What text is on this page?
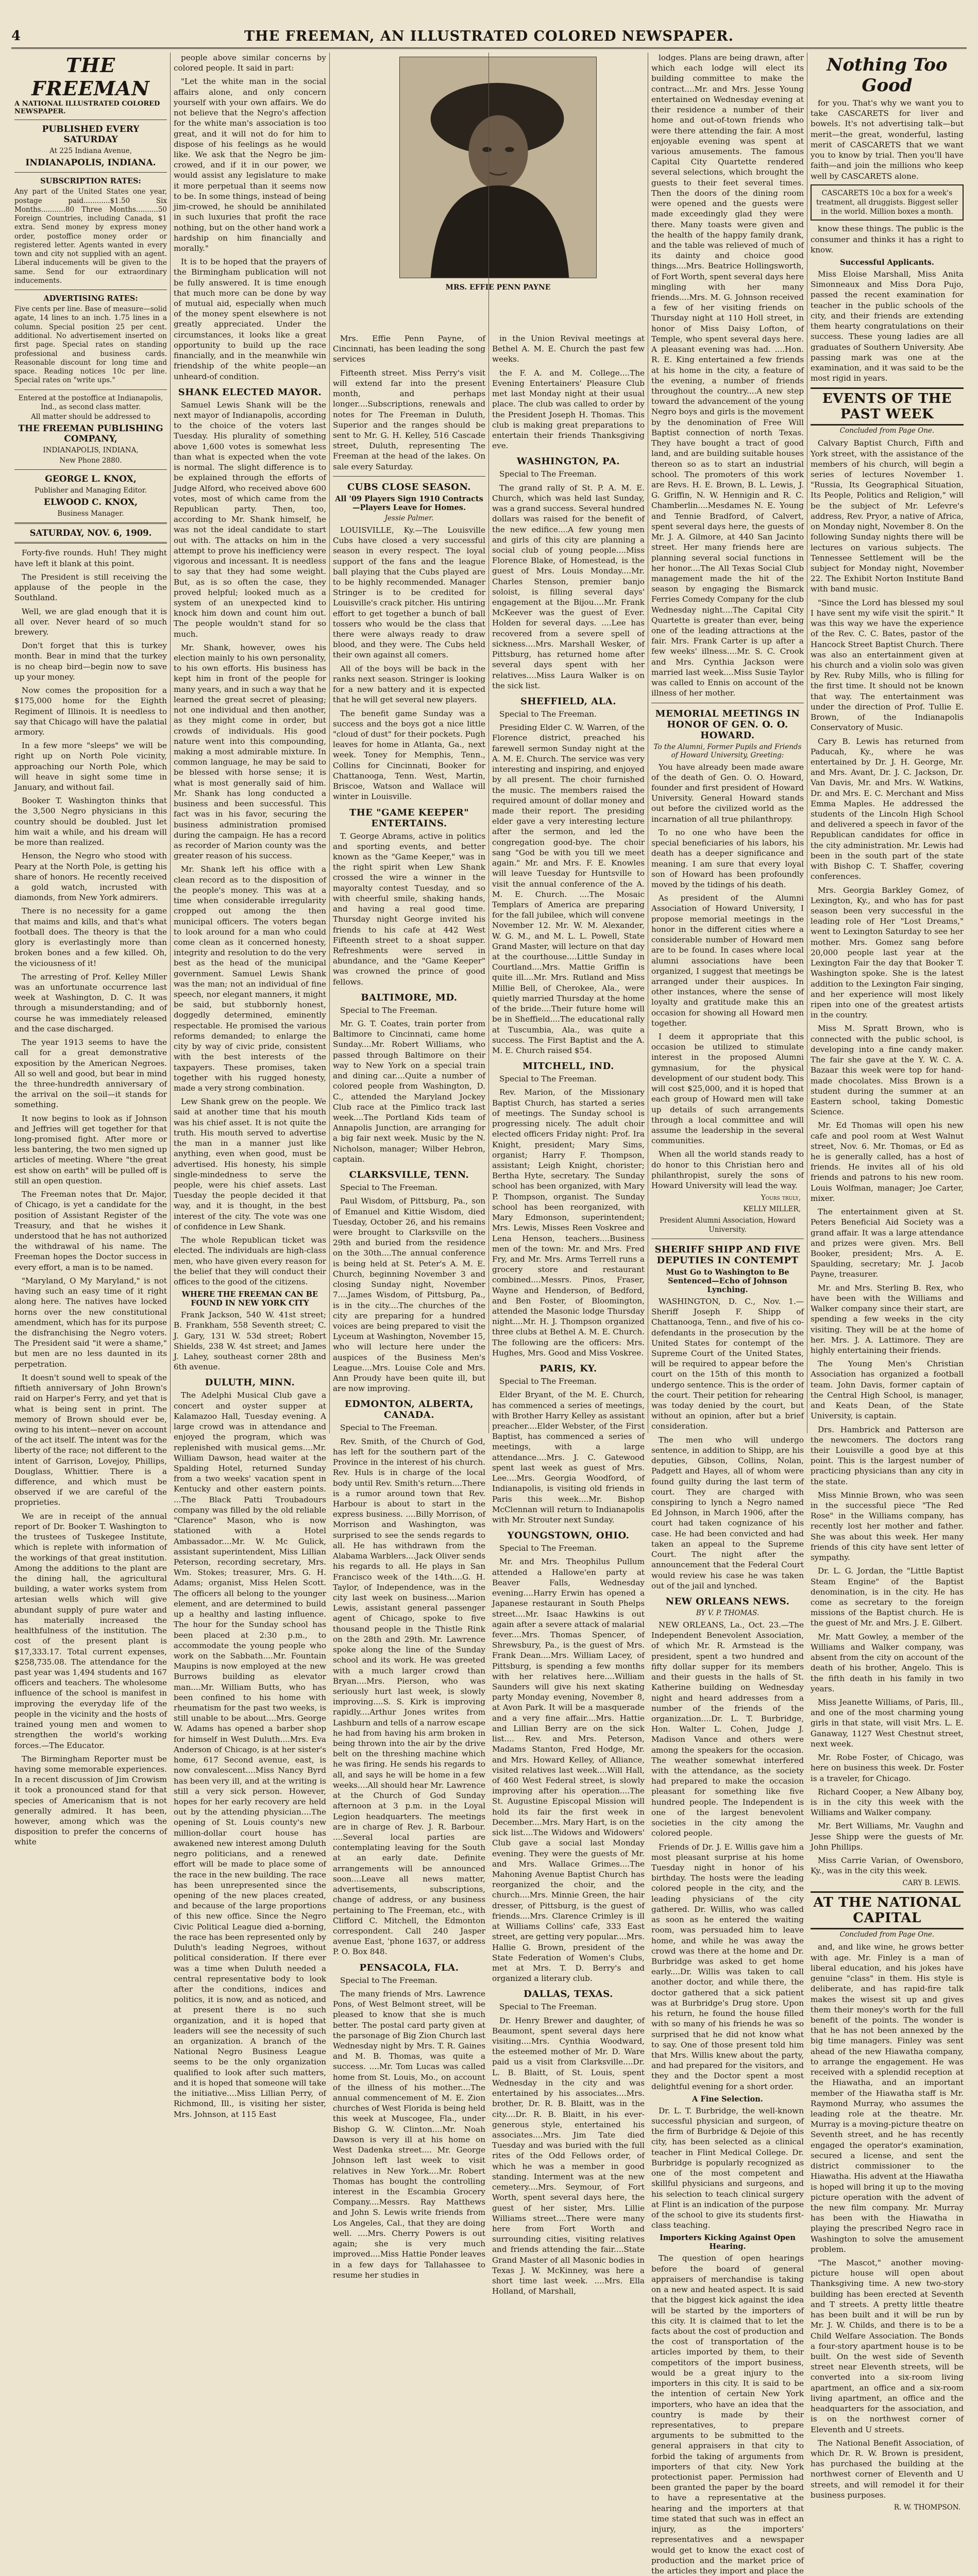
4	THE FREEMAN, AN ILLUSTRATED COLORED NEWSPAPER.
MRS. EFFIE PENN PAYNE
THE FREEMAN
A NATIONAL ILLUSTRATED COLORED NEWSPAPER.
PUBLISHED EVERY SATURDAY
At 225 Indiana Avenue,
INDIANAPOLIS, INDIANA.
SUBSCRIPTION RATES:

Any part of the United States one year, postage paid............$1.50 Six Months...........80 Three Months..........50 Foreign Countries, including Canada, $1 extra. Send money by express money order, postoffice money order or registered letter. Agents wanted in every town and city not supplied with an agent. Liberal inducements will be given to the same. Send for our extraordinary inducements.

ADVERTISING RATES:

Five cents per line. Base of measure—solid agate, 14 lines to an inch. 1.75 lines in a column. Special position 25 per cent. additional. No advertisement inserted on first page. Special rates on standing professional and business cards. Reasonable discount for long time and space. Reading notices 10c per line. Special rates on "write ups."

Entered at the postoffice at Indianapolis, Ind., as second class matter.

All matter should be addressed to

THE FREEMAN PUBLISHING COMPANY,
INDIANAPOLIS, INDIANA,
New Phone 2880.
GEORGE L. KNOX,
Publisher and Managing Editor.
ELWOOD C. KNOX,
Business Manager.
SATURDAY, NOV. 6, 1909.

Forty-five rounds. Huh! They might have left it blank at this point.

The President is still receiving the applause of the people in the Southland.

Well, we are glad enough that it is all over. Never heard of so much brewery.

Don't forget that this is turkey month. Bear in mind that the turkey is no cheap bird—begin now to save up your money.

Now comes the proposition for a $175,000 home for the Eighth Regiment of Illinois. It is needless to say that Chicago will have the palatial armory.

In a few more "sleeps" we will be right up on North Pole vicinity, approaching our North Pole, which will heave in sight some time in January, and without fail.

Booker T. Washington thinks that the 3,500 Negro physicians in this country should be doubled. Just let him wait a while, and his dream will be more than realized.

Henson, the Negro who stood with Peary at the North Pole, is getting his share of honors. He recently received a gold watch, incrusted with diamonds, from New York admirers.

There is no necessity for a game that maims and kills, and that's what football does. The theory is that the glory is everlastingly more than broken bones and a few killed. Oh, the viciousness of it!

The arresting of Prof. Kelley Miller was an unfortunate occurrence last week at Washington, D. C. It was through a misunderstanding; and of course he was immediately released and the case discharged.

The year 1913 seems to have the call for a great demonstrative exposition by the American Negroes. All so well and good, but bear in mind the three-hundredth anniversary of the arrival on the soil—it stands for something.

It now begins to look as if Johnson and Jeffries will get together for that long-promised fight. After more or less bantering, the two men signed up articles of meeting. Where "the great est show on earth" will be pulled off is still an open question.

The Freeman notes that Dr. Major, of Chicago, is yet a candidate for the position of Assistant Register of the Treasury, and that he wishes it understood that he has not authorized the withdrawal of his name. The Freeman hopes the Doctor success in every effort, a man is to be named.

"Maryland, O My Maryland," is not having such an easy time of it right along here. The natives have locked horns over the new constitutional amendment, which has for its purpose the disfranchising the Negro voters. The President said "it were a shame," but men are no less daunted in its perpetration.

It doesn't sound well to speak of the fiftieth anniversary of John Brown's raid on Harper's Ferry, and yet that is what is being sent in print. The memory of Brown should ever be, owing to his intent—never on account of the act itself. The intent was for the liberty of the race; not different to the intent of Garrison, Lovejoy, Phillips, Douglass, Whittier. There is a difference, and which must be observed if we are careful of the proprieties.

We are in receipt of the annual report of Dr. Booker T. Washington to the trustees of Tuskegee Institute, which is replete with information of the workings of that great institution. Among the additions to the plant are the dining hall, the agricultural building, a water works system from artesian wells which will give abundant supply of pure water and has materially increased the healthfulness of the institution. The cost of the present plant is $17,333.17. Total current expenses, $258,735.08. The attendance for the past year was 1,494 students and 167 officers and teachers. The wholesome influence of the school is manifest in improving the everyday life of the people in the vicinity and the hosts of trained young men and women to strengthen the world's working forces.—The Educator.

The Birmingham Reporter must be having some memorable experiences. In a recent discussion of Jim Crowism it took a pronounced stand for that species of Americanism that is not generally admired. It has been, however, among which was the disposition to prefer the concerns of white

people above similar concerns by colored people. It said in part:

"Let the white man in the social affairs alone, and only concern yourself with your own affairs. We do not believe that the Negro's affection for the white man's association is too great, and it will not do for him to dispose of his feelings as he would like. We ask that the Negro be jim-crowed, and if it in our power, we would assist any legislature to make it more perpetual than it seems now to be. In some things, instead of being jim-crowed, he should be annihilated in such luxuries that profit the race nothing, but on the other hand work a hardship on him financially and morally."

It is to be hoped that the prayers of the Birmingham publication will not be fully answered. It is time enough that much more can be done by way of mutual aid, especially when much of the money spent elsewhere is not greatly appreciated. Under the circumstances, it looks like a great opportunity to build up the race financially, and in the meanwhile win friendship of the white people—an unheard-of condition.

SHANK ELECTED MAYOR.

Samuel Lewis Shank will be the next mayor of Indianapolis, according to the choice of the voters last Tuesday. His plurality of something above 1,600 votes is somewhat less than what is expected when the vote is normal. The slight difference is to be explained through the efforts of Judge Alford, who received above 600 votes, most of which came from the Republican party. Then, too, according to Mr. Shank himself, he was not the ideal candidate to start out with. The attacks on him in the attempt to prove his inefficiency were vigorous and incessant. It is needless to say that they had some weight. But, as is so often the case, they proved helpful; looked much as a system of an unexpected kind to knock him down and count him out. The people wouldn't stand for so much.

Mr. Shank, however, owes his election mainly to his own personality, to his own efforts. His business has kept him in front of the people for many years, and in such a way that he learned the great secret of pleasing; not one individual and then another, as they might come in order, but crowds of individuals. His good nature went into this compounding, making a most admirable mixture. In common language, he may be said to be blessed with horse sense; it is what is most generally said of him. Mr. Shank has long conducted a business and been successful. This fact was in his favor, securing the business administration promised during the campaign. He has a record as recorder of Marion county was the greater reason of his success.

Mr. Shank left his office with a clean record as to the disposition of the people's money. This was at a time when considerable irregularity cropped out among the then municipal officers. The voters began to look around for a man who could come clean as it concerned honesty, integrity and resolution to do the very best as the head of the municipal government. Samuel Lewis Shank was the man; not an individual of fine speech, nor elegant manners, it might be said, but stubbornly honest, doggedly determined, eminently respectable. He promised the various reforms demanded; to enlarge the city by way of civic pride, consistent with the best interests of the taxpayers. These promises, taken together with his rugged honesty, made a very strong combination.

Lew Shank grew on the people. We said at another time that his mouth was his chief asset. It is not quite the truth. His mouth served to advertise the man in a manner just like anything, even when good, must be advertised. His honesty, his simple single-mindedness to serve the people, were his chief assets. Last Tuesday the people decided it that way, and it is thought, in the best interest of the city. The vote was one of confidence in Lew Shank.

The whole Republican ticket was elected. The individuals are high-class men, who have given every reason for the belief that they will conduct their offices to the good of the citizens.

WHERE THE FREEMAN CAN BE FOUND IN NEW YORK CITY

Frank Jackson, 540 W. 41st street; B. Frankham, 558 Seventh street; C. J. Gary, 131 W. 53d street; Robert Shields, 238 W. 4st street; and James J. Lahey, southeast corner 28th and 6th avenue.

DULUTH, MINN.

The Adelphi Musical Club gave a concert and oyster supper at Kalamazoo Hall, Tuesday evening. A large crowd was in attendance and enjoyed the program, which was replenished with musical gems....Mr. William Dawson, head waiter at the Spalding Hotel, returned Sunday from a two weeks' vacation spent in Kentucky and other eastern points. ...The Black Patti Troubadours company was filled by the old reliable "Clarence" Mason, who is now stationed with a Hotel Ambassador....Mr. W. Mc Gulick, assistant superintendent, Miss Lillian Peterson, recording secretary, Mrs. Wm. Stokes; treasurer, Mrs. G. H. Adams; organist, Miss Helen Scott. The officers all belong to the younger element, and are determined to build up a healthy and lasting influence. The hour for the Sunday school has been placed at 2:30 p.m., to accommodate the young people who work on the Sabbath....Mr. Fountain Maupins is now employed at the new Burrows building as elevator man....Mr. William Butts, who has been confined to his home with rheumatism for the past two weeks, is still unable to be about....Mrs. George W. Adams has opened a barber shop for himself in West Duluth....Mrs. Eva Anderson of Chicago, is at her sister's home, 617 Second avenue, east, is now convalescent....Miss Nancy Byrd has been very ill, and at the writing is still a very sick person. However, hopes for her early recovery are held out by the attending physician....The opening of St. Louis county's new million-dollar court house has awakened new interest among Duluth negro politicians, and a renewed effort will be made to place some of the race in the new building. The race has been unrepresented since the opening of the new places created, and because of the large proportions of this new office. Since the Negro Civic Political League died a-borning, the race has been represented only by Duluth's leading Negroes, without political consideration. If there ever was a time when Duluth needed a central representative body to look after the conditions, indices and politics, it is now, and as noticed, and at present there is no such organization, and it is hoped that leaders will see the necessity of such an organization. A branch of the National Negro Business League seems to be the only organization qualified to look after such matters, and it is hoped that someone will take the initiative....Miss Lillian Perry, of Richmond, Ill., is visiting her sister, Mrs. Johnson, at 115 East

Mrs. Effie Penn Payne, of Cincinnati, has been leading the song services

Fifteenth street. Miss Perry's visit will extend far into the present month, and perhaps longer....Subscriptions, renewals and notes for The Freeman in Duluth, Superior and the ranges should be sent to Mr. G. H. Kelley, 516 Cascade street, Duluth, representing The Freeman at the head of the lakes. On sale every Saturday.

CUBS CLOSE SEASON.
All '09 Players Sign 1910 Contracts—Players Leave for Homes.
Jessie Palmer.

LOUISVILLE, Ky.—The Louisville Cubs have closed a very successful season in every respect. The loyal support of the fans and the league ball playing that the Cubs played are to be highly recommended. Manager Stringer is to be credited for Louisville's crack pitcher. His untiring effort to get together a bunch of ball tossers who would be the class that there were always ready to draw blood, and they were. The Cubs held their own against all comers.

All of the boys will be back in the ranks next season. Stringer is looking for a new battery and it is expected that he will get several new players.

The benefit game Sunday was a success and the boys got a nice little "cloud of dust" for their pockets. Pugh leaves for home in Atlanta, Ga., next week. Toney for Memphis, Tenn., Collins for Cincinnati, Booker for Chattanooga, Tenn. West, Martin, Briscoe, Watson and Wallace will winter in Louisville.

THE "GAME KEEPER" ENTERTAINS.

T. George Abrams, active in politics and sporting events, and better known as the "Game Keeper," was in the right spirit when Lew Shank crossed the wire a winner in the mayoralty contest Tuesday, and so with cheerful smile, shaking hands, and having a real good time. Thursday night George invited his friends to his cafe at 442 West Fifteenth street to a shoat supper. Refreshments were served in abundance, and the "Game Keeper" was crowned the prince of good fellows.

BALTIMORE, MD.

Special to The Freeman.

Mr. G. T. Coates, train porter from Baltimore to Cincinnati, came home Sunday....Mr. Robert Williams, who passed through Baltimore on their way to New York on a special train and dining car....Quite a number of colored people from Washington, D. C., attended the Maryland Jockey Club race at the Pimlico track last week....The Portland Kids team of Annapolis Junction, are arranging for a big fair next week. Music by the N. Nicholson, manager; Wilber Hebron, captain.

CLARKSVILLE, TENN.

Special to The Freeman.

Paul Wisdom, of Pittsburg, Pa., son of Emanuel and Kittie Wisdom, died Tuesday, October 26, and his remains were brought to Clarksville on the 29th and buried from the residence on the 30th....The annual conference is being held at St. Peter's A. M. E. Church, beginning November 3 and closing Sunday night, November 7....James Wisdom, of Pittsburg, Pa., is in the city....The churches of the city are preparing for a hundred voices are being prepared to visit the Lyceum at Washington, November 15, who will lecture here under the auspices of the Business Men's League....Mrs. Louise Cole and Mrs. Ann Proudy have been quite ill, but are now improving.

EDMONTON, ALBERTA, CANADA.

Special to The Freeman.

Rev. Smith, of the Church of God, has left for the southern part of the Province in the interest of his church. Rev. Huls is in charge of the local body until Rev. Smith's return....There is a rumor around town that Rev. Harbour is about to start in the express business. ....Billy Morrison, of Morrison and Washington, was surprised to see the sends regards to all. He has withdrawn from the Alabama Warblers....Jack Oliver sends his regards to all. He plays in San Francisco week of the 14th....G. H. Taylor, of Independence, was in the city last week on business....Marion Lewis, assistant general passenger agent of Chicago, spoke to five thousand people in the Thistle Rink on the 28th and 29th. Mr. Lawrence spoke along the line of the Sunday school and its work. He was greeted with a much larger crowd than Bryan....Mrs. Pierson, who was seriously hurt last week, is slowly improving....S. S. Kirk is improving rapidly....Arthur Jones writes from Lashburn and tells of a narrow escape he had from having his arm broken in being thrown into the air by the drive belt on the threshing machine which he was firing. He sends his regards to all, and says he will be home in a few weeks....All should hear Mr. Lawrence at the Church of God Sunday afternoon at 3 p.m. in the Loyal Legion headquarters. The meetings are in charge of Rev. J. R. Barbour. ....Several local parties are contemplating leaving for the South at an early date. Definite arrangements will be announced soon....Leave all news matter, advertisements, subscriptions, change of address, or any business pertaining to The Freeman, etc., with Clifford C. Mitchell, the Edmonton correspondent. Call 240 Jasper avenue East, 'phone 1637, or address P. O. Box 848.

PENSACOLA, FLA.

Special to The Freeman.

The many friends of Mrs. Lawrence Pons, of West Belmont street, will be pleased to know that she is much better. The postal card party given at the parsonage of Big Zion Church last Wednesday night by Mrs. T. R. Gaines and M. B. Thomas, was quite a success. ....Mr. Tom Lucas was called home from St. Louis, Mo., on account of the illness of his mother....The annual commencement of M. E. Zion churches of West Florida is being held this week at Muscogee, Fla., under Bishop G. W. Clinton....Mr. Noah Dawson is very ill at his home on West Dadenka street.... Mr. George Johnson left last week to visit relatives in New York....Mr. Robert Thomas has bought the controlling interest in the Escambia Grocery Company....Messrs. Ray Matthews and John S. Lewis write friends from Los Angeles, Cal., that they are doing well. ....Mrs. Cherry Powers is out again; she is very much improved....Miss Hattie Ponder leaves in a few days for Tallahassee to resume her studies in

in the Union Revival meetings at Bethel A. M. E. Church the past few weeks.

the F. A. and M. College....The Evening Entertainers' Pleasure Club met last Monday night at their usual place. The club was called to order by the President Joseph H. Thomas. This club is making great preparations to entertain their friends Thanksgiving eve.

WASHINGTON, PA.

Special to The Freeman.

The grand rally of St. P. A. M. E. Church, which was held last Sunday, was a grand success. Several hundred dollars was raised for the benefit of the new edifice....A few young men and girls of this city are planning a social club of young people....Miss Florence Blake, of Homestead, is the guest of Mrs. Louis Monday....Mr. Charles Stenson, premier banjo soloist, is filling several days' engagement at the Bijou....Mr. Frank McKeever was the guest of Ever. Holden for several days. ....Lee has recovered from a severe spell of sickness....Mrs. Marshall Wesker, of Pittsburg, has returned home after several days spent with her relatives....Miss Laura Walker is on the sick list.

SHEFFIELD, ALA.

Special to The Freeman.

Presiding Elder C. W. Warren, of the Florence district, preached his farewell sermon Sunday night at the A. M. E. Church. The service was very interesting and inspiring, and enjoyed by all present. The choir furnished the music. The members raised the required amount of dollar money and made their report. The presiding elder gave a very interesting lecture after the sermon, and led the congregation good-bye. The choir sang "God be with you till we meet again." Mr. and Mrs. F. E. Knowles will leave Tuesday for Huntsville to visit the annual conference of the A. M. E. Church. ....The Mosaic Templars of America are preparing for the fall jubilee, which will convene November 12. Mr. W. M. Alexander, W. G. M., and M. L. L. Powell, State Grand Master, will lecture on that day at the courthouse....Little Sunday in Courtland....Mrs. Mattie Griffin is quite ill....Mr. Mrs. Rutland and Miss Millie Bell, of Cherokee, Ala., were quietly married Thursday at the home of the bride....Their future home will be in Sheffield....The educational rally at Tuscumbia, Ala., was quite a success. The First Baptist and the A. M. E. Church raised $54.

MITCHELL, IND.

Special to The Freeman.

Rev. Marion, of the Missionary Baptist Church, has started a series of meetings. The Sunday school is progressing nicely. The adult choir elected officers Friday night: Prof. Ira Knight, president; Mary Sims, organist; Harry F. Thompson, assistant; Leigh Knight, chorister; Bertha Hyte, secretary. The Sunday school has been organized, with Mary P. Thompson, organist. The Sunday school has been reorganized, with Mary Edmonson, superintendent; Mrs. Lewis, Misses Reen Voskree and Lena Henson, teachers....Business men of the town: Mr. and Mrs. Fred Fry, and Mr. Mrs. Arms Terrell runs a grocery store and restaurant combined....Messrs. Pinos, Fraser, Wayne and Henderson, of Bedford, and Ben Foster, of Bloomington, attended the Masonic lodge Thursday night....Mr. H. J. Thompson organized three clubs at Bethel A. M. E. Church. The following are the officers: Mrs. Hughes, Mrs. Good and Miss Voskree.

PARIS, KY.

Special to The Freeman.

Elder Bryant, of the M. E. Church, has commenced a series of meetings, with Brother Harry Kelley as assistant preacher....Elder Webster, of the First Baptist, has commenced a series of meetings, with a large attendance....Mrs. J. C. Gatewood spent last week as guest of Mrs. Lee....Mrs. Georgia Woodford, of Indianapolis, is visiting old friends in Paris this week....Mr. Bishop McClennan will return to Indianapolis with Mr. Strouter next Sunday.

YOUNGSTOWN, OHIO.

Special to The Freeman.

Mr. and Mrs. Theophilus Pullum attended a Hallowe'en party at Beaver Falls, Wednesday evening....Harry Erwin has opened a Japanese restaurant in South Phelps street....Mr. Isaac Hawkins is out again after a severe attack of malarial fever....Mrs. Thomas Spencer, of Shrewsbury, Pa., is the guest of Mrs. Frank Dean....Mrs. William Lacey, of Pittsburg, is spending a few months with her relatives here....William Saunders will give his next skating party Monday evening, November 8, at Avon Park. It will be a masquerade and a very fine affair....Mrs. Hattie and Lillian Berry are on the sick list.... Rev. and Mrs. Peterson, Madams Stanton, Fred Hodge, Mr. and Mrs. Howard Kelley, of Alliance, visited relatives last week....Will Hall, of 460 West Federal street, is slowly improving after his operation....The St. Augustine Episcopal Mission will hold its fair the first week in December....Mrs. Mary Hart, is on the sick list....The Widows and Widowers' Club gave a social last Monday evening. They were the guests of Mr. and Mrs. Wallace Grimes....The Mahoning Avenue Baptist Church has reorganized the choir, and the church....Mrs. Minnie Green, the hair dresser, of Pittsburg, is the guest of friends....Mrs. Clarence Crimley is ill at Williams Collins' cafe, 333 East street, are getting very popular....Mrs. Hallie G. Brown, president of the State Federation of Women's Clubs, met at Mrs. T. D. Berry's and organized a literary club.

DALLAS, TEXAS.

Special to The Freeman.

Dr. Henry Brewer and daughter, of Beaumont, spent several days here visiting....Mrs. Cynthia Woodward, the esteemed mother of Mr. D. Ware paid us a visit from Clarksville....Dr. L. B. Blaitt, of St. Louis, spent Wednesday in the city and was entertained by his associates....Mrs. brother, Dr. R. B. Blaitt, was in the city....Dr. R. B. Blaitt, in his ever-generous style, entertained his associates....Mrs. Jim Tate died Tuesday and was buried with the full rites of the Odd Fellows order, of which he was a member in good standing. Interment was at the new cemetery....Mrs. Seymour, of Fort Worth, spent several days here, the guest of her sister, Mrs. Lillie Williams street....There were many here from Fort Worth and surrounding cities, visiting relatives and friends attending the fair....State Grand Master of all Masonic bodies in Texas J. W. McKinney, was here a short time last week. ....Mrs. Ella Holland, of Marshall,

lodges. Plans are being drawn, after which each lodge will elect its building committee to make the contract....Mr. and Mrs. Jesse Young entertained on Wednesday evening at their residence a number of their home and out-of-town friends who were there attending the fair. A most enjoyable evening was spent at various amusements. The famous Capital City Quartette rendered several selections, which brought the guests to their feet several times. Then the doors of the dining room were opened and the guests were made exceedingly glad they were there. Many toasts were given and the health of the happy family drank, and the table was relieved of much of its dainty and choice good things....Mrs. Beatrice Hollingsworth, of Fort Worth, spent several days here mingling with her many friends....Mrs. M. G. Johnson received a few of her visiting friends on Thursday night at 110 Holl street, in honor of Miss Daisy Lofton, of Temple, who spent several days here. A pleasant evening was had. ....Hon. R. E. King entertained a few friends at his home in the city, a feature of the evening, a number of friends throughout the country....A new step toward the advancement of the young Negro boys and girls is the movement by the denomination of Free Will Baptist connection of north Texas. They have bought a tract of good land, and are building suitable houses thereon so as to start an industrial school. The promoters of this work are Revs. H. E. Brown, B. L. Lewis, J. G. Griffin, N. W. Hennigin and R. C. Chamberlin....Mesdames N. E. Young and Tennie Bradford, of Calvert, spent several days here, the guests of Mr. J. A. Gilmore, at 440 San Jacinto street. Her many friends here are planning several social functions in her honor....The All Texas Social Club management made the hit of the season by engaging the Bismarck Ferries Comedy Company for the club Wednesday night....The Capital City Quartette is greater than ever, being one of the leading attractions at the fair. Mrs. Frank Carter is up after a few weeks' illness....Mr. S. C. Crook and Mrs. Cynthia Jackson were married last week....Miss Susie Taylor was called to Ennis on account of the illness of her mother.

MEMORIAL MEETINGS IN HONOR OF GEN. O. O. HOWARD.
To the Alumni, Former Pupils and Friends of Howard University, Greeting:

You have already been made aware of the death of Gen. O. O. Howard, founder and first president of Howard University. General Howard stands out before the civilized world as the incarnation of all true philanthropy.

To no one who have been the special beneficiaries of his labors, his death has a deeper significance and meaning. I am sure that every loyal son of Howard has been profoundly moved by the tidings of his death.

As president of the Alumni Association of Howard University, I propose memorial meetings in the honor in the different cities where a considerable number of Howard men are to be found. In cases where local alumni associations have been organized, I suggest that meetings be arranged under their auspices. In other instances, where the sense of loyalty and gratitude make this an occasion for showing all Howard men together.

I deem it appropriate that this occasion be utilized to stimulate interest in the proposed Alumni gymnasium, for the physical development of our student body. This will cost $25,000, and it is hoped that each group of Howard men will take up details of such arrangements through a local committee and will assume the leadership in the several communities.

When all the world stands ready to do honor to this Christian hero and philanthropist, surely the sons of Howard University will lead the way.

Yours truly,
KELLY MILLER,
President Alumni Association, Howard University.
SHERIFF SHIPP AND FIVE DEPUTIES IN CONTEMPT
Must Go to Washington to Be Sentenced—Echo of Johnson Lynching.

WASHINGTON, D. C., Nov. 1.—Sheriff Joseph F. Shipp of Chattanooga, Tenn., and five of his co-defendants in the prosecution by the United States for contempt of the Supreme Court of the United States, will be required to appear before the court on the 15th of this month to undergo sentence. This is the order of the court. Their petition for rehearing was today denied by the court, but without an opinion, after but a brief consideration.

The men who will undergo sentence, in addition to Shipp, are his deputies, Gibson, Collins, Nolan, Padgett and Hayes, all of whom were found guilty during the last term of court. They are charged with conspiring to lynch a Negro named Ed Johnson, in March 1906, after the court had taken cognizance of his case. He had been convicted and had taken an appeal to the Supreme Court. The night after the announcement that the Federal Court would review his case he was taken out of the jail and lynched.

NEW ORLEANS NEWS.
BY V. P. THOMAS.

NEW ORLEANS, La., Oct. 23.—The Independent Benevolent Association, of which Mr. R. Armstead is the president, spent a two hundred and fifty dollar supper for its members and their guests in the halls of St. Katherine building on Wednesday night and heard addresses from a number of the friends of the organization....Dr. L. T. Burbridge, Hon. Walter L. Cohen, Judge J. Madison Vance and others were among the speakers for the occasion. The weather somewhat interfered with the attendance, as the society had prepared to make the occasion pleasant for something like five hundred people. The Independent is one of the largest benevolent societies in the city among the colored people.

Friends of Dr. J. E. Willis gave him a most pleasant surprise at his home Tuesday night in honor of his birthday. The hosts were the leading colored people in the city, and the leading physicians of the city gathered. Dr. Willis, who was called as soon as he entered the waiting room, was persuaded him to leave home, and while he was away the crowd was there at the home and Dr. Burbridge was asked to get home early....Dr. Willis was taken to call another doctor, and while there, the doctor gathered that a sick patient was at Burbridge's Drug store. Upon his return, he found the house filled with so many of his friends he was so surprised that he did not know what to say. One of those present told him that Mrs. Willis knew about the party, and had prepared for the visitors, and they and the Doctor spent a most delightful evening for a short order.

A Fine Selection.

Dr. L. T. Burbridge, the well-known successful physician and surgeon, of the firm of Burbridge & Dejoie of this city, has been selected as a clinical teacher in Flint Medical College. Dr. Burbridge is popularly recognized as one of the most competent and skillful physicians and surgeons, and his selection to teach clinical surgery at Flint is an indication of the purpose of the school to give its students first-class teaching.

Importers Kicking Against Open Hearing.

The question of open hearings before the board of general appraisers of merchandise is taking on a new and heated aspect. It is said that the biggest kick against the idea will be started by the importers of this city. It is claimed that to let the facts about the cost of production and the cost of transportation of the articles imported by them, to their competitors of the import business, would be a great injury to the importers in this city. It is said to be the intention of certain New York importers, who have an idea that the country is made by their representatives, to prepare arguments to be submitted to the general appraisers in that city to forbid the taking of arguments from importers of that city. New York protectionist paper. Permission had been granted the paper by the board to have a representative at the hearing and the importers at that time stated that such was in effect an injury, as the importers' representatives and a newspaper would get to know the exact cost of production and the market price of the articles they import and place the

Nothing Too Good

for you. That's why we want you to take CASCARETS for liver and bowels. It's not advertising talk—but merit—the great, wonderful, lasting merit of CASCARETS that we want you to know by trial. Then you'll have faith—and join the millions who keep well by CASCARETS alone.

CASCARETS 10c a box for a week's treatment, all druggists. Biggest seller in the world. Million boxes a month.

know these things. The public is the consumer and thinks it has a right to know.

Successful Applicants.

Miss Eloise Marshall, Miss Anita Simonneaux and Miss Dora Pujo, passed the recent examination for teacher in the public schools of the city, and their friends are extending them hearty congratulations on their success. These young ladies are all graduates of Southern University. Abe passing mark was one at the examination, and it was said to be the most rigid in years.

EVENTS OF THE PAST WEEK
Concluded from Page One.

Calvary Baptist Church, Fifth and York street, with the assistance of the members of his church, will begin a series of lectures November 1. "Russia, Its Geographical Situation, Its People, Politics and Religion," will be the subject of Mr. Lefevre's address, Rev. Pryor, a native of Africa, on Monday night, November 8. On the following Sunday nights there will be lectures on various subjects. The Tennessee Settlement will be the subject for Monday night, November 22. The Exhibit Norton Institute Band with band music.

"Since the Lord has blessed my soul I have sent my wife visit the spirit." It was this way we have the experience of the Rev. C. C. Bates, pastor of the Hancock Street Baptist Church. There was also an entertainment given at his church and a violin solo was given by Rev. Ruby Mills, who is filling for the first time. It should not be known that way. The entertainment was under the direction of Prof. Tullie E. Brown, of the Indianapolis Conservatory of Music.

Cary B. Lewis has returned from Paducah, Ky., where he was entertained by Dr. J. H. George, Mr. and Mrs. Avant, Dr. J. C. Jackson, Dr. Van Davis, Mr. and Mrs. W. Watkins, Dr. and Mrs. E. C. Merchant and Miss Emma Maples. He addressed the students of the Lincoln High School and delivered a speech in favor of the Republican candidates for office in the city administration. Mr. Lewis had been in the south part of the state with Bishop C. T. Shaffer, covering conferences.

Mrs. Georgia Barkley Gomez, of Lexington, Ky., and who has for past season been very successful in the leading role of Her "Lost Dreams," went to Lexington Saturday to see her mother. Mrs. Gomez sang before 20,000 people last year at the Lexington Fair the day that Booker T. Washington spoke. She is the latest addition to the Lexington Fair singing, and her experience will most likely ripen into one of the greatest artists in the country.

Miss M. Spratt Brown, who is connected with the public school, is developing into a fine candy maker. The fair she gave at the Y. W. C. A. Bazaar this week were top for hand-made chocolates. Miss Brown is a student during the summer at an Eastern school, taking Domestic Science.

Mr. Ed Thomas will open his new cafe and pool room at West Walnut street, Nov. 6. Mr. Thomas, or Ed as he is generally called, has a host of friends. He invites all of his old friends and patrons to his new room. Louis Wolfman, manager; Joe Carter, mixer.

The entertainment given at St. Peters Beneficial Aid Society was a grand affair. It was a large attendance and prizes were given. Mrs. Bell Booker, president; Mrs. A. E. Spaulding, secretary; Mr. J. Jacob Payne, treasurer.

Mr. and Mrs. Sterling B. Rex, who have been with the Williams and Walker company since their start, are spending a few weeks in the city visiting. They will be at the home of her. Mrs. J. A. Lattimore. They are highly entertaining their friends.

The Young Men's Christian Association has organized a football team. John Davis, former captain of the Central High School, is manager, and Keats Dean, of the State University, is captain.

Drs. Hambrick and Patterson are the newcomers. The doctors rang their Louisville a good bye at this point. This is the largest number of practicing physicians than any city in the state.

Miss Minnie Brown, who was seen in the successful piece "The Red Rose" in the Williams company, has recently lost her mother and father. She was about this week. Her many friends of this city have sent letter of sympathy.

Dr. L. G. Jordan, the "Little Baptist Steam Engine" of the Baptist denomination, is in the city. He has come as secretary to the foreign missions of the Baptist church. He is the guest of Mr. and Mrs. J. E. Gilbert.

Mr. Matt Gowley, a member of the Williams and Walker company, was absent from the city on account of the death of his brother, Angelo. This is the fifth death in his family in two years.

Miss Jeanette Williams, of Paris, Ill., and one of the most charming young girls in that state, will visit Mrs. L. E. Ganaway, 1127 West Chestnut street, next week.

Mr. Robe Foster, of Chicago, was here on business this week. Dr. Foster is a traveler, for Chicago.

Richard Cooper, a New Albany boy, is in the city this week with the Williams and Walker company.

Mr. Bert Williams, Mr. Vaughn and Jesse Shipp were the guests of Mr. John Phillips.

Miss Carrie Varian, of Owensboro, Ky., was in the city this week.

CARY B. LEWIS.
AT THE NATIONAL CAPITAL
Concluded from Page One.

and, and like wine, he grows better with age. Mr. Finley is a man of liberal education, and his jokes have genuine "class" in them. His style is deliberate, and has rapid-fire talk makes the wisest sit up and gives them their money's worth for the full benefit of the points. The wonder is that he has not been annexed by the big time managers. Finley was sent ahead of the new Hiawatha company, to arrange the engagement. He was received with a splendid reception at the Hiawatha, and an important member of the Hiawatha staff is Mr. Raymond Murray, who assumes the leading role at the theatre. Mr. Murray is a moving-picture theatre on Seventh street, and he has recently engaged the operator's examination, secured a license, and sent the district commissioner to the Hiawatha. His advent at the Hiawatha is hoped will bring it up to the moving picture operation with the advent of the new film company. Mr. Murray has been with the Hiawatha in playing the prescribed Negro race in Washington to solve the amusement problem.

"The Mascot," another moving-picture house will open about Thanksgiving time. A new two-story building has been erected at Seventh and T streets. A pretty little theatre has been built and it will be run by Mr. J. W. Childs, and there is to be a Child Welfare Association. The Bonds a four-story apartment house is to be built. On the west side of Seventh street near Eleventh streets, will be converted into a six-room living apartment, an office and a six-room living apartment, an office and the headquarters for the association, and is on the northwest corner of Eleventh and U streets.

The National Benefit Association, of which Dr. R. W. Brown is president, has purchased the building at the northwest corner of Eleventh and U streets, and will remodel it for their business purposes.

R. W. THOMPSON.
